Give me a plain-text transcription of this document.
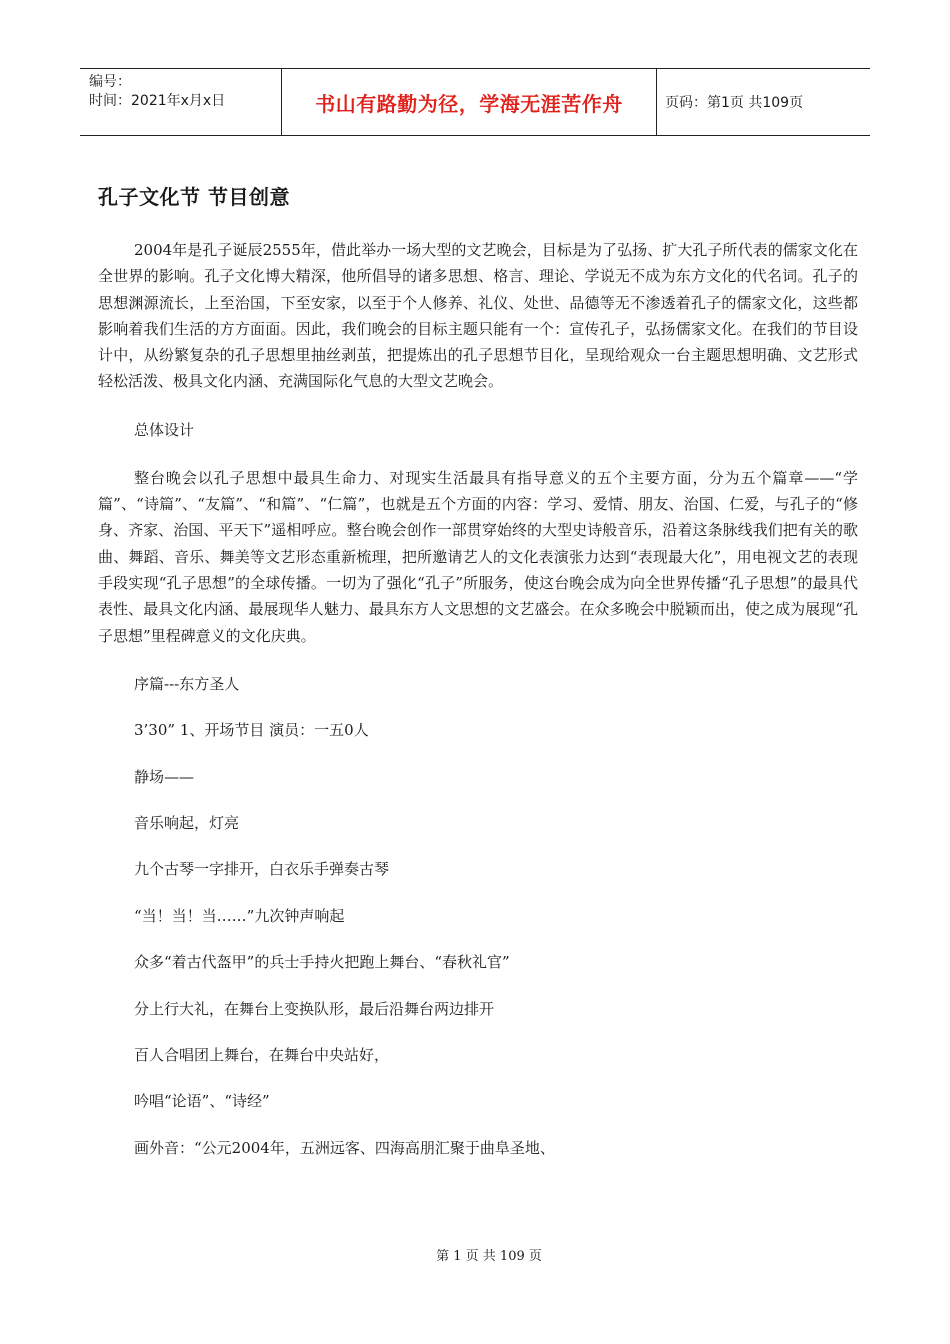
编号：
时间：2021年x月x日	书山有路勤为径，学海无涯苦作舟	页码：第1页 共109页
孔子文化节 节目创意

2004年是孔子诞辰2555年，借此举办一场大型的文艺晚会，目标是为了弘扬、扩大孔子所代表的儒家文化在全世界的影响。孔子文化博大精深，他所倡导的诸多思想、格言、理论、学说无不成为东方文化的代名词。孔子的思想渊源流长，上至治国，下至安家，以至于个人修养、礼仪、处世、品德等无不渗透着孔子的儒家文化，这些都影响着我们生活的方方面面。因此，我们晚会的目标主题只能有一个：宣传孔子，弘扬儒家文化。在我们的节目设计中，从纷繁复杂的孔子思想里抽丝剥茧，把提炼出的孔子思想节目化，呈现给观众一台主题思想明确、文艺形式轻松活泼、极具文化内涵、充满国际化气息的大型文艺晚会。

总体设计

整台晚会以孔子思想中最具生命力、对现实生活最具有指导意义的五个主要方面，分为五个篇章——“学篇”、“诗篇”、“友篇”、“和篇”、“仁篇”，也就是五个方面的内容：学习、爱情、朋友、治国、仁爱，与孔子的“修身、齐家、治国、平天下”遥相呼应。整台晚会创作一部贯穿始终的大型史诗般音乐，沿着这条脉线我们把有关的歌曲、舞蹈、音乐、舞美等文艺形态重新梳理，把所邀请艺人的文化表演张力达到“表现最大化”，用电视文艺的表现手段实现“孔子思想”的全球传播。一切为了强化“孔子”所服务，使这台晚会成为向全世界传播“孔子思想”的最具代表性、最具文化内涵、最展现华人魅力、最具东方人文思想的文艺盛会。在众多晚会中脱颖而出，使之成为展现“孔子思想”里程碑意义的文化庆典。

序篇---东方圣人

3’30” 1、开场节目 演员：一五0人

静场——

音乐响起，灯亮

九个古琴一字排开，白衣乐手弹奏古琴

“当！当！当……”九次钟声响起

众多“着古代盔甲”的兵士手持火把跑上舞台、“春秋礼官”

分上行大礼，在舞台上变换队形，最后沿舞台两边排开

百人合唱团上舞台，在舞台中央站好，

吟唱“论语”、“诗经”

画外音：“公元2004年，五洲远客、四海高朋汇聚于曲阜圣地、

第 1 页 共 109 页
